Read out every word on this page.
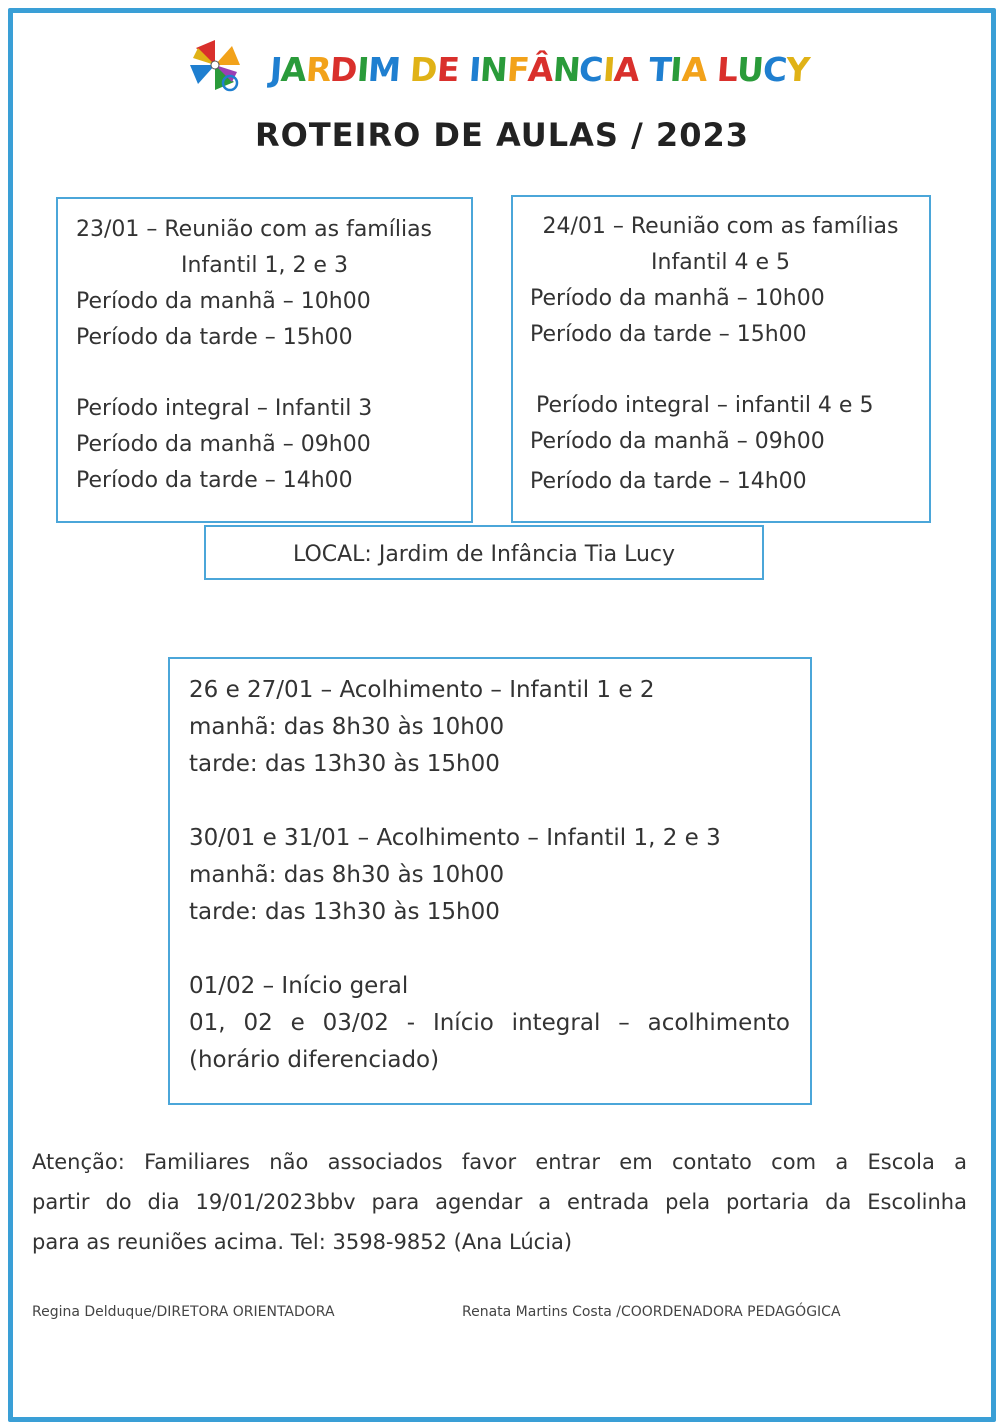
JARDIM DE INFÂNCIA TIA LUCY
ROTEIRO DE AULAS / 2023
23/01 – Reunião com as famílias
Infantil 1, 2 e 3
Período da manhã – 10h00
Período da tarde – 15h00
Período integral – Infantil 3
Período da manhã – 09h00
Período da tarde – 14h00
24/01 – Reunião com as famílias
Infantil 4 e 5
Período da manhã – 10h00
Período da tarde – 15h00
Período integral – infantil 4 e 5
Período da manhã – 09h00
Período da tarde – 14h00
LOCAL: Jardim de Infância Tia Lucy
26 e 27/01 – Acolhimento – Infantil 1 e 2
manhã: das 8h30 às 10h00
tarde: das 13h30 às 15h00
30/01 e 31/01 – Acolhimento – Infantil 1, 2 e 3
manhã: das 8h30 às 10h00
tarde: das 13h30 às 15h00
01/02 – Início geral
01, 02 e 03/02 - Início integral – acolhimento
(horário diferenciado)
Atenção: Familiares não associados favor entrar em contato com a Escola a
partir do dia 19/01/2023bbv para agendar a entrada pela portaria da Escolinha
para as reuniões acima. Tel: 3598-9852 (Ana Lúcia)
Regina Delduque/DIRETORA ORIENTADORA	Renata Martins Costa /COORDENADORA PEDAGÓGICA
